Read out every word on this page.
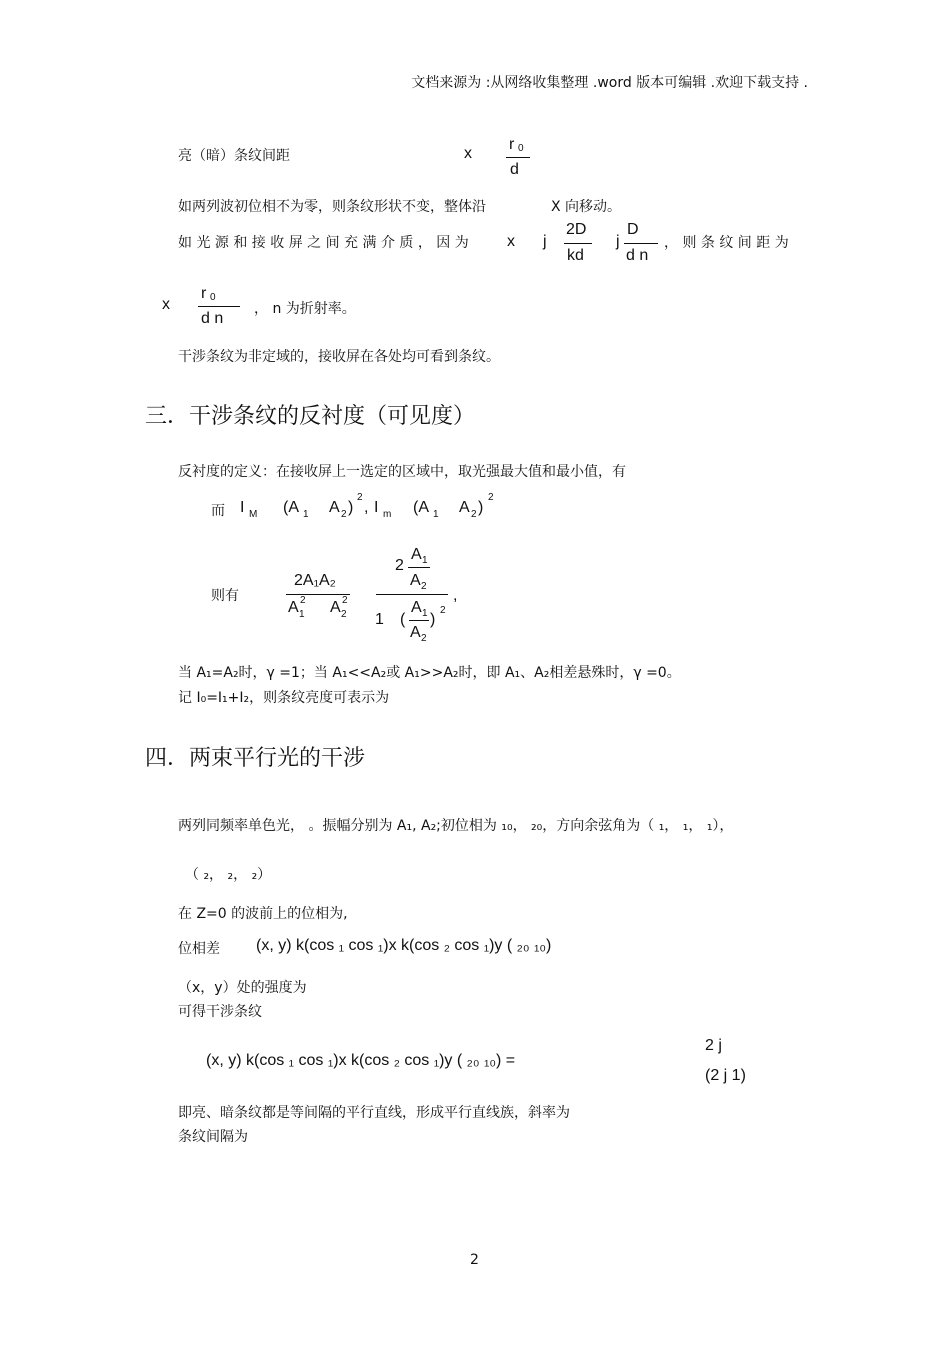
文档来源为 :从网络收集整理 .word 版本可编辑 .欢迎下载支持 .
亮（暗）条纹间距	x
r 0
d
如两列波初位相不为零，则条纹形状不变，整体沿	X 向移动。
如 光 源 和 接 收 屏 之 间 充 满 介 质 ， 因 为 x j
2D
kd
j
D
d n
， 则 条 纹 间 距 为
x
r 0
d n
， n 为折射率。
干涉条纹为非定域的，接收屏在各处均可看到条纹。
三．干涉条纹的反衬度（可见度）
反衬度的定义：在接收屏上一选定的区域中，取光强最大值和最小值，有
而 I M (A 1 A 2 )
2
, I m (A 1 A 2 )
2
则有
2A₁A₂
A 1
2 A 2
2
2
A 1
A 2
1 (
A 1
A 2
)
2
,
当 A₁=A₂时，γ =1；当 A₁<<A₂或 A₁>>A₂时，即 A₁、A₂相差悬殊时，γ =0。
记 I₀=I₁+I₂，则条纹亮度可表示为
四．两束平行光的干涉
两列同频率单色光， 。振幅分别为 A₁, A₂;初位相为 ₁₀， ₂₀，方向余弦角为（ ₁， ₁， ₁），
（ ₂， ₂， ₂）
在 Z=0 的波前上的位相为,
位相差 (x, y) k(cos ₁ cos ₁)x k(cos ₂ cos ₁)y ( ₂₀ ₁₀)
（x，y）处的强度为
可得干涉条纹
(x, y) k(cos ₁ cos ₁)x k(cos ₂ cos ₁)y ( ₂₀ ₁₀) =
2 j
(2 j 1)
即亮、暗条纹都是等间隔的平行直线，形成平行直线族，斜率为
条纹间隔为
2
